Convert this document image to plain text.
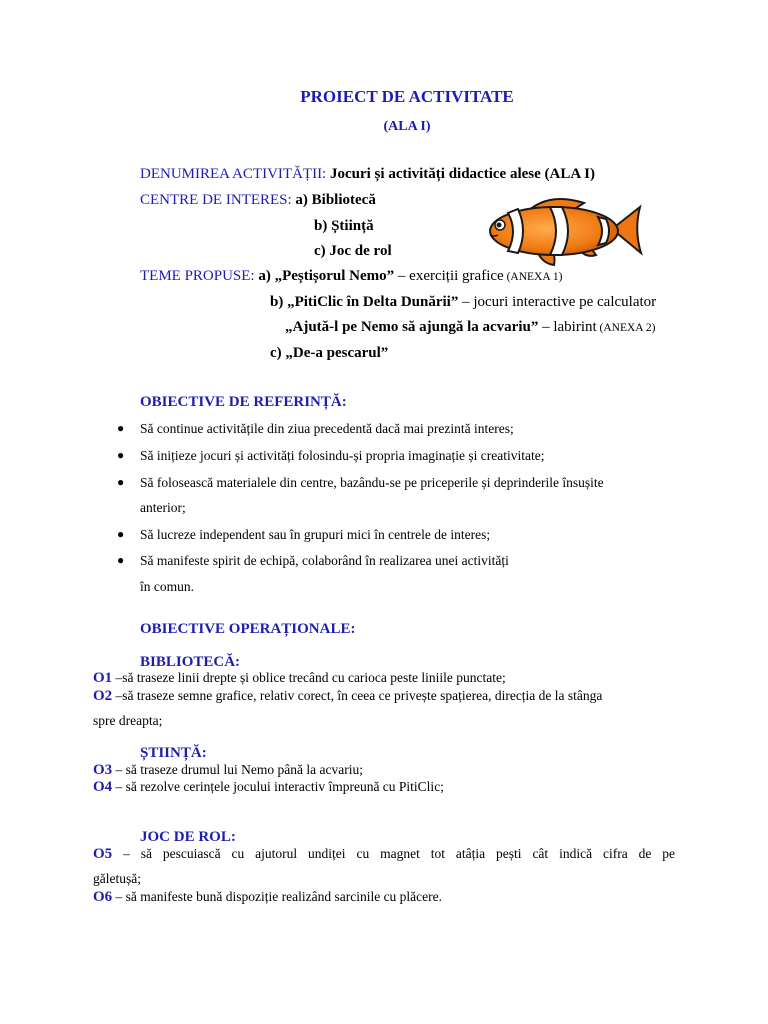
PROIECT DE ACTIVITATE
(ALA I)
DENUMIREA ACTIVITĂȚII: Jocuri și activități didactice alese (ALA I)
CENTRE DE INTERES: a) Bibliotecă
b) Știință
c) Joc de rol
TEME PROPUSE: a) „Peștișorul Nemo” – exerciții grafice (ANEXA 1)
b) „PitiClic în Delta Dunării” – jocuri interactive pe calculator
„Ajută-l pe Nemo să ajungă la acvariu” – labirint (ANEXA 2)
c) „De-a pescarul”
OBIECTIVE DE REFERINȚĂ:
● Să continue activitățile din ziua precedentă dacă mai prezintă interes;
● Să inițieze jocuri și activități folosindu-și propria imaginație și creativitate;
● Să folosească materialele din centre, bazându-se pe priceperile și deprinderile însușite
anterior;
● Să lucreze independent sau în grupuri mici în centrele de interes;
● Să manifeste spirit de echipă, colaborând în realizarea unei activități
în comun.
OBIECTIVE OPERAȚIONALE:
BIBLIOTECĂ:
O1 –să traseze linii drepte și oblice trecând cu carioca peste liniile punctate;
O2 –să traseze semne grafice, relativ corect, în ceea ce privește spațierea, direcția de la stânga
spre dreapta;
ȘTIINȚĂ:
O3 – să traseze drumul lui Nemo până la acvariu;
O4 – să rezolve cerințele jocului interactiv împreună cu PitiClic;
JOC DE ROL:
O5 – să pescuiască cu ajutorul undiței cu magnet tot atâția pești cât indică cifra de pe
găletușă;
O6 – să manifeste bună dispoziție realizând sarcinile cu plăcere.
